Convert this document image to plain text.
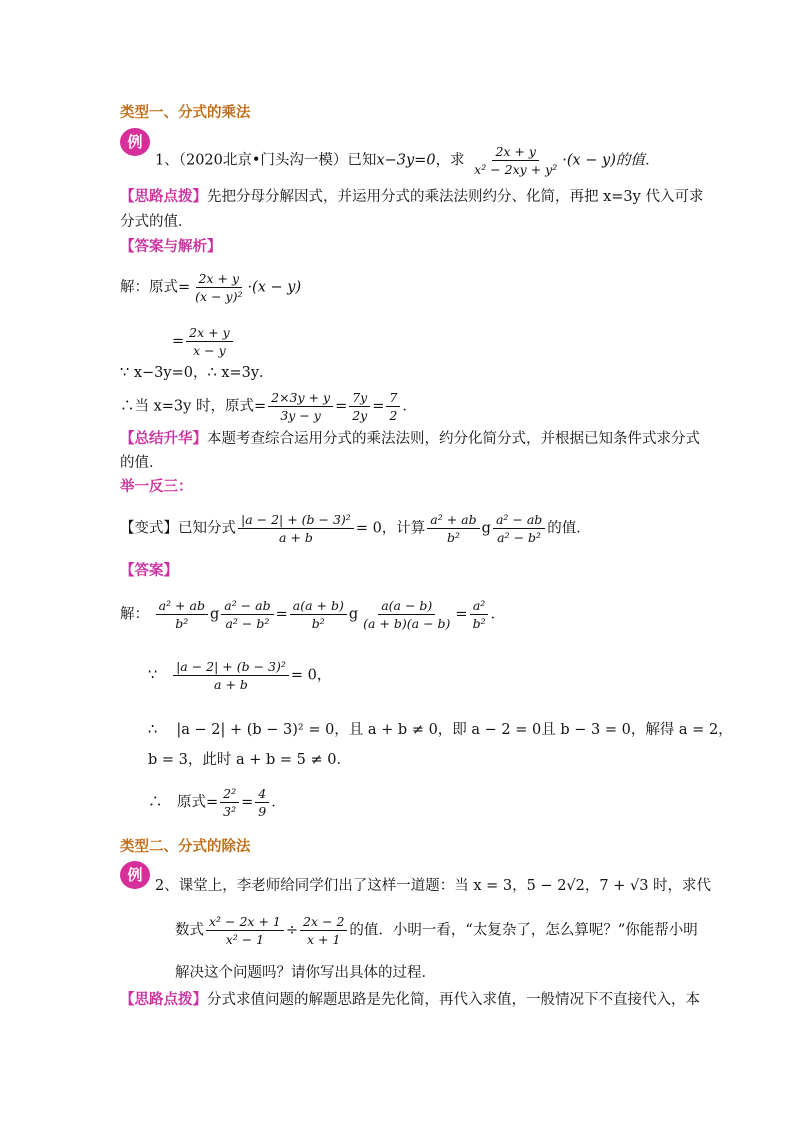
类型一、分式的乘法
例
1、（2020北京•门头沟一模）已知x−3y=0，求 $\frac{2x + y}{\text{x² − 2xy + y²}} \cdot(x - y)$的值．
【思路点拨】先把分母分解因式，并运用分式的乘法法则约分、化简，再把 x=3y 代入可求
分式的值．
【答案与解析】
解：原式= $\frac{2x + y}{\text{(x − y)²}} \cdot(x - y)$
= $\frac{2x + y}{x - y}$
∵ x−3y=0，∴ x=3y．
∴当 x=3y 时，原式= $\frac{2\times 3y + y}{3y - y} = \frac{7y}{2y} = \frac{7}{2}$ ．
【总结升华】本题考查综合运用分式的乘法法则，约分化简分式，并根据已知条件式求分式
的值．
举一反三：
【变式】已知分式 $\frac{\text{|a − 2| + (b − 3)²}}{a + b} = 0$，计算 $\frac{\text{a² + ab}}{\text{b²}}$ g $\frac{\text{a² − ab}}{\text{a² − b²}}$ 的值．
【答案】
解： $\frac{\text{a² + ab}}{\text{b²}}$ g $\frac{\text{a² − ab}}{\text{a² − b²}} = \frac{a(a + b)}{\text{b²}}$ g $\frac{a(a - b)}{(a + b)(a - b)} = \frac{\text{a²}}{\text{b²}}$ ．
∵ $\frac{\text{|a − 2| + (b − 3)²}}{a + b} = 0$，
∴　 |a − 2| + (b − 3)² = 0，且 a + b ≠ 0，即 a − 2 = 0且 b − 3 = 0，解得 a = 2，
b = 3，此时 a + b = 5 ≠ 0．
∴　原式= $\frac{\text{2²}}{\text{3²}} = \frac{4}{9}$ ．
类型二、分式的除法
例
2、课堂上，李老师给同学们出了这样一道题：当 x = 3，5 − 2√2，7 + √3 时，求代
数式 $\frac{\text{x² − 2x + 1}}{\text{x² − 1}} \div \frac{2x - 2}{x + 1}$ 的值．小明一看，“太复杂了，怎么算呢？”你能帮小明
解决这个问题吗？请你写出具体的过程．
【思路点拨】分式求值问题的解题思路是先化简，再代入求值，一般情况下不直接代入，本
